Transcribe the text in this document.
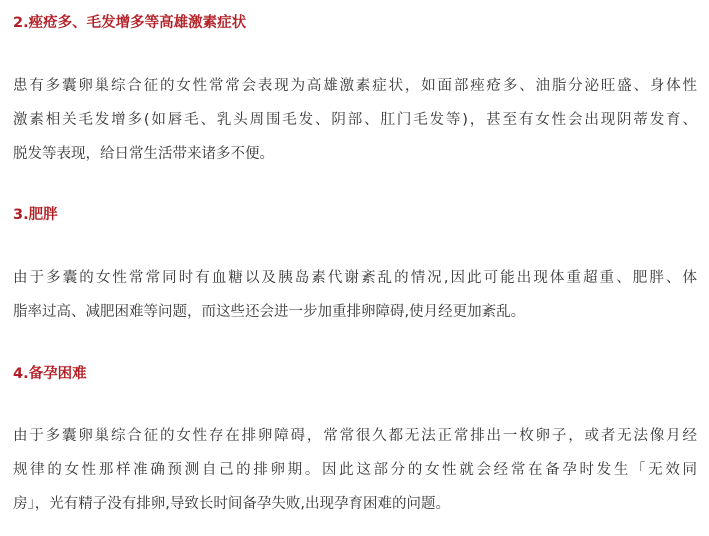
2.痤疮多、毛发增多等高雄激素症状

患有多囊卵巢综合征的女性常常会表现为高雄激素症状，如面部痤疮多、油脂分泌旺盛、身体性
激素相关毛发增多(如唇毛、乳头周围毛发、阴部、肛门毛发等)，甚至有女性会出现阴蒂发育、
脱发等表现，给日常生活带来诸多不便。

3.肥胖

由于多囊的女性常常同时有血糖以及胰岛素代谢紊乱的情况,因此可能出现体重超重、肥胖、体
脂率过高、减肥困难等问题，而这些还会进一步加重排卵障碍,使月经更加紊乱。

4.备孕困难

由于多囊卵巢综合征的女性存在排卵障碍，常常很久都无法正常排出一枚卵子，或者无法像月经
规律的女性那样准确预测自己的排卵期。因此这部分的女性就会经常在备孕时发生「无效同
房」，光有精子没有排卵,导致长时间备孕失败,出现孕育困难的问题。
